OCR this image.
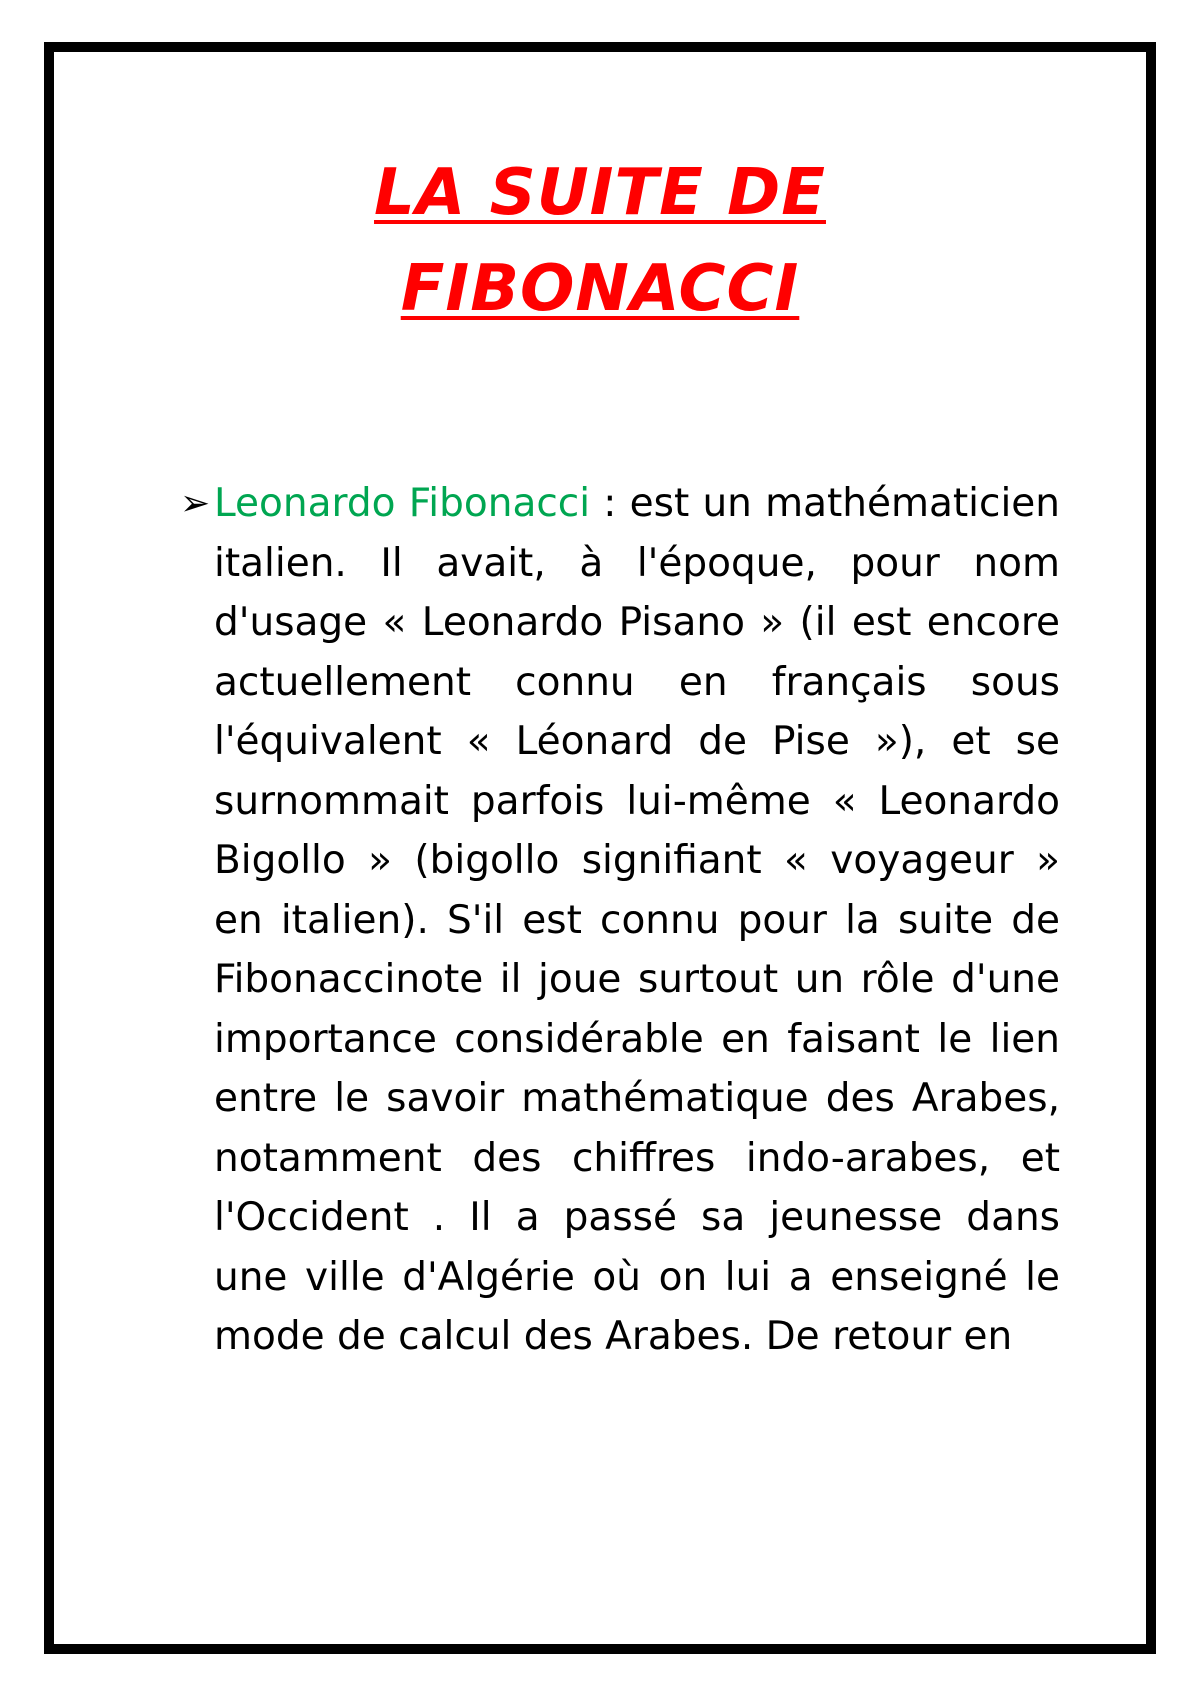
LA SUITE DE
FIBONACCI
➢ Leonardo Fibonacci : est un mathématicien italien. Il avait, à l'époque, pour nom d'usage « Leonardo Pisano » (il est encore actuellement connu en français sous l'équivalent « Léonard de Pise »), et se surnommait parfois lui-même « Leonardo Bigollo » (bigollo signifiant « voyageur » en italien). S'il est connu pour la suite de Fibonaccinote il joue surtout un rôle d'une importance considérable en faisant le lien entre le savoir mathématique des Arabes, notamment des chiffres indo-arabes, et l'Occident . Il a passé sa jeunesse dans une ville d'Algérie où on lui a enseigné le mode de calcul des Arabes. De retour en
